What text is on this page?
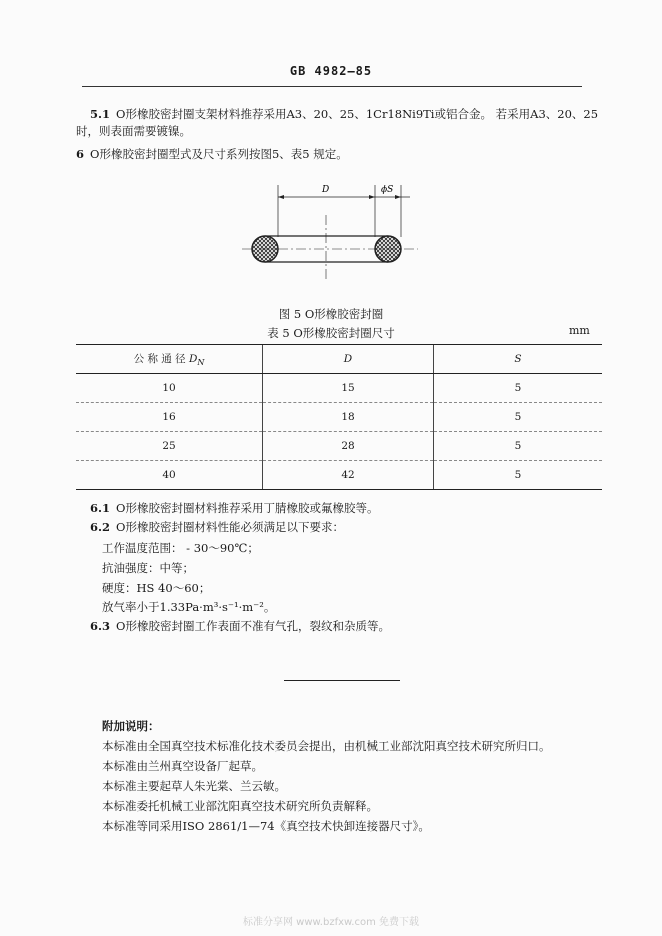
GB 4982—85
5.1 O形橡胶密封圈支架材料推荐采用A3、20、25、1Cr18Ni9Ti或铝合金。 若采用A3、20、25
时，则表面需要镀镍。
6 O形橡胶密封圈型式及尺寸系列按图5、表5 规定。
D	ϕS
图 5 O形橡胶密封圈
表 5 O形橡胶密封圈尺寸	mm
公 称 通 径 $D_N$	D	S
10	15	5
16	18	5
25	28	5
40	42	5
6.1 O形橡胶密封圈材料推荐采用丁腈橡胶或氟橡胶等。
6.2 O形橡胶密封圈材料性能必须满足以下要求：
工作温度范围： - 30～90℃；
抗油强度：中等；
硬度：HS 40～60；
放气率小于1.33Pa·m³·s⁻¹·m⁻²。
6.3 O形橡胶密封圈工作表面不准有气孔，裂纹和杂质等。
附加说明：
本标准由全国真空技术标准化技术委员会提出，由机械工业部沈阳真空技术研究所归口。
本标准由兰州真空设备厂起草。
本标准主要起草人朱光棠、兰云敏。
本标准委托机械工业部沈阳真空技术研究所负责解释。
本标准等同采用ISO 2861/1—74《真空技术快卸连接器尺寸》。
标准分享网 www.bzfxw.com 免费下载
